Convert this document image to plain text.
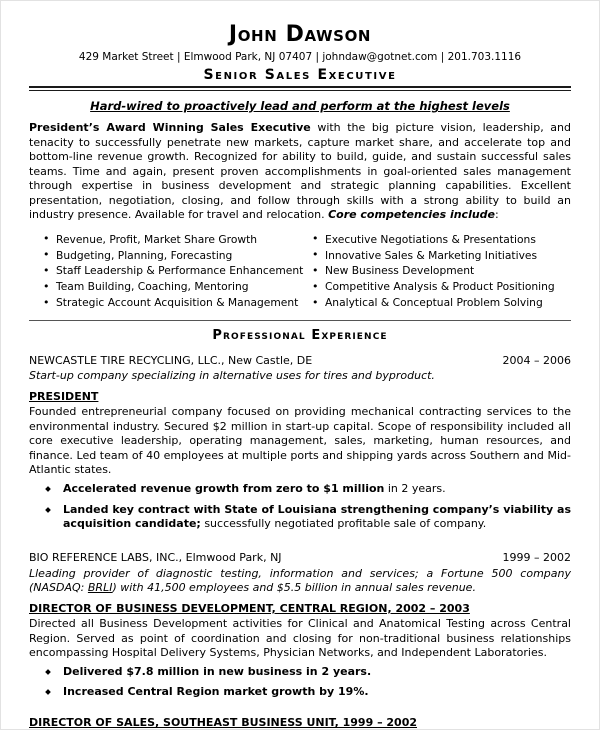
John Dawson
429 Market Street | Elmwood Park, NJ 07407 | johndaw@gotnet.com | 201.703.1116
Senior Sales Executive
Hard-wired to proactively lead and perform at the highest levels

President’s Award Winning Sales Executive with the big picture vision, leadership, and tenacity to successfully penetrate new markets, capture market share, and accelerate top and bottom-line revenue growth. Recognized for ability to build, guide, and sustain successful sales teams. Time and again, present proven accomplishments in goal-oriented sales management through expertise in business development and strategic planning capabilities. Excellent presentation, negotiation, closing, and follow through skills with a strong ability to build an industry presence. Available for travel and relocation. Core competencies include:

• Revenue, Profit, Market Share Growth
• Budgeting, Planning, Forecasting
• Staff Leadership & Performance Enhancement
• Team Building, Coaching, Mentoring
• Strategic Account Acquisition & Management
• Executive Negotiations & Presentations
• Innovative Sales & Marketing Initiatives
• New Business Development
• Competitive Analysis & Product Positioning
• Analytical & Conceptual Problem Solving
Professional Experience
NEWCASTLE TIRE RECYCLING, LLC., New Castle, DE	2004 – 2006
Start-up company specializing in alternative uses for tires and byproduct.
PRESIDENT
Founded entrepreneurial company focused on providing mechanical contracting services to the environmental industry. Secured $2 million in start-up capital. Scope of responsibility included all core executive leadership, operating management, sales, marketing, human resources, and finance. Led team of 40 employees at multiple ports and shipping yards across Southern and Mid-Atlantic states.
Accelerated revenue growth from zero to $1 million in 2 years.
Landed key contract with State of Louisiana strengthening company’s viability as acquisition candidate; successfully negotiated profitable sale of company.
BIO REFERENCE LABS, INC., Elmwood Park, NJ	1999 – 2002
Lleading provider of diagnostic testing, information and services; a Fortune 500 company (NASDAQ: BRLI) with 41,500 employees and $5.5 billion in annual sales revenue.
DIRECTOR OF BUSINESS DEVELOPMENT, CENTRAL REGION, 2002 – 2003
Directed all Business Development activities for Clinical and Anatomical Testing across Central Region. Served as point of coordination and closing for non-traditional business relationships encompassing Hospital Delivery Systems, Physician Networks, and Independent Laboratories.
Delivered $7.8 million in new business in 2 years.
Increased Central Region market growth by 19%.
DIRECTOR OF SALES, SOUTHEAST BUSINESS UNIT, 1999 – 2002
